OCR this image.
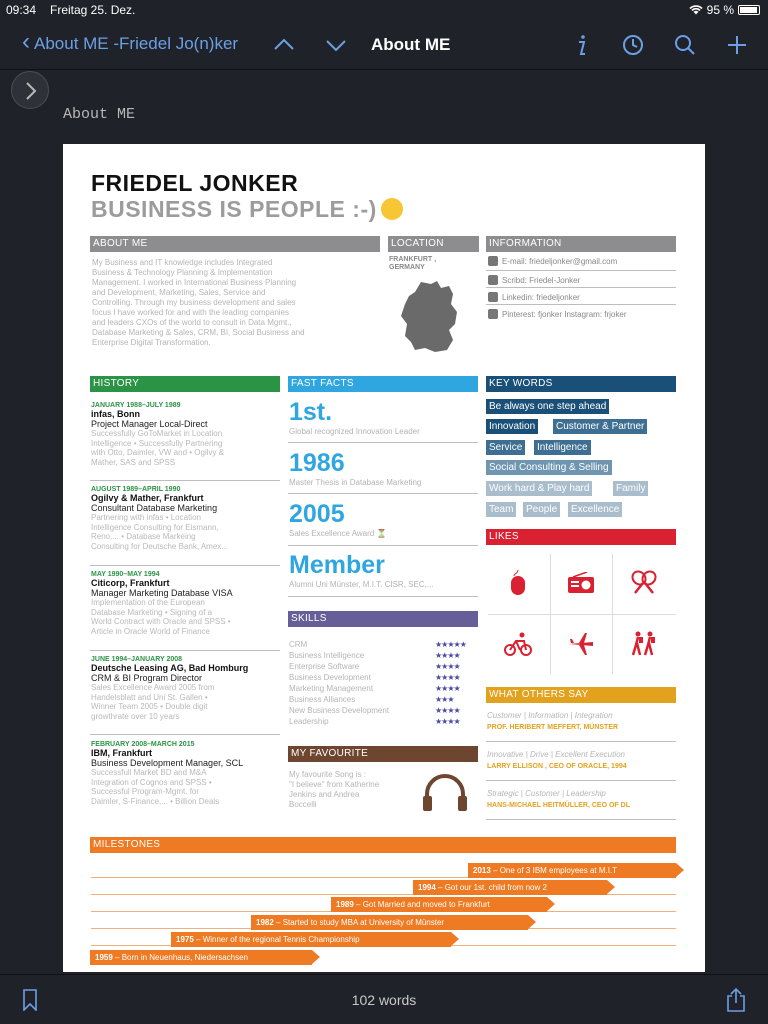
09:34 Freitag 25. Dez.	95 %
‹ About ME -Friedel Jo(n)ker	About ME
About ME
FRIEDEL JONKER
BUSINESS IS PEOPLE :-)
ABOUT ME
My Business and IT knowledge includes Integrated
Business & Technology Planning & Implementation
Management. I worked in International Business Planning
and Development, Marketing, Sales, Service and
Controlling. Through my business development and sales
focus I have worked for and with the leading companies
and leaders CXOs of the world to consult in Data Mgmt.,
Database Marketing & Sales, CRM, BI, Social Business and
Enterprise Digital Transformation.
LOCATION
FRANKFURT ,
GERMANY
INFORMATION
E-mail: friedeljonker@gmail.com
Scribd: Friedel-Jonker
Linkedin: friedeljonker
Pinterest: fjonker Instagram: frjoker
HISTORY
JANUARY 1988–JULY 1989
infas, Bonn
Project Manager Local-Direct
Successfully GoToMarket in Location
Intelligence • Successfully Partnering
with Otto, Daimler, VW and • Ogilvy &
Mather, SAS and SPSS
AUGUST 1989–APRIL 1990
Ogilvy & Mather, Frankfurt
Consultant Database Marketing
Partnering with infas • Location
Intelligence Consulting for Eismann,
Reno,... • Database Markeing
Consulting for Deutsche Bank, Amex...
MAY 1990–MAY 1994
Citicorp, Frankfurt
Manager Marketing Database VISA
Implementation of the European
Database Marketing • Signing of a
World Contract with Oracle and SPSS •
Article in Oracle World of Finance
JUNE 1994–JANUARY 2008
Deutsche Leasing AG, Bad Homburg
CRM & BI Program Director
Sales Excellence Award 2005 from
Handelsblatt and Uni St. Gallen •
Winner Team 2005 • Double digit
growthrate over 10 years
FEBRUARY 2008–MARCH 2015
IBM, Frankfurt
Business Development Manager, SCL
Successfull Market BD and M&A
Integration of Cognos and SPSS •
Successful Program-Mgmt. for
Daimler, S-Finance,... • Billion Deals
FAST FACTS
1st.
Global recognized Innovation Leader
1986
Master Thesis in Database Marketing
2005
Sales Excellence Award ⏳
Member
Alumni Uni Münster, M.I.T. CISR, SEC,...
KEY WORDS
Be always one step ahead
Innovation	Customer & Partner
Service	Intelligence
Social Consulting & Selling
Work hard & Play hard	Family
Team	People	Excellence
LIKES
SKILLS
CRM	★★★★★
Business Intelligence	★★★★
Enterprise Software	★★★★
Business Development	★★★★
Marketing Management	★★★★
Business Alliances	★★★
New Business Development	★★★★
Leadership	★★★★
MY FAVOURITE
My favourite Song is :
"I believe" from Katherine
Jenkins and Andrea
Boccelli
WHAT OTHERS SAY
Customer | Information | Integration
PROF. HERIBERT MEFFERT, MÜNSTER
Innovative | Drive | Excellent Execution
LARRY ELLISON , CEO OF ORACLE, 1994
Strategic | Customer | Leadership
HANS-MICHAEL HEITMÜLLER, CEO OF DL
MILESTONES
2013 – One of 3 IBM employees at M.I.T
1994 – Got our 1st. child from now 2
1989 – Got Married and moved to Frankfurt
1982 – Started to study MBA at University of Münster
1975 – Winner of the regional Tennis Championship
1959 – Born in Neuenhaus, Niedersachsen
102 words
